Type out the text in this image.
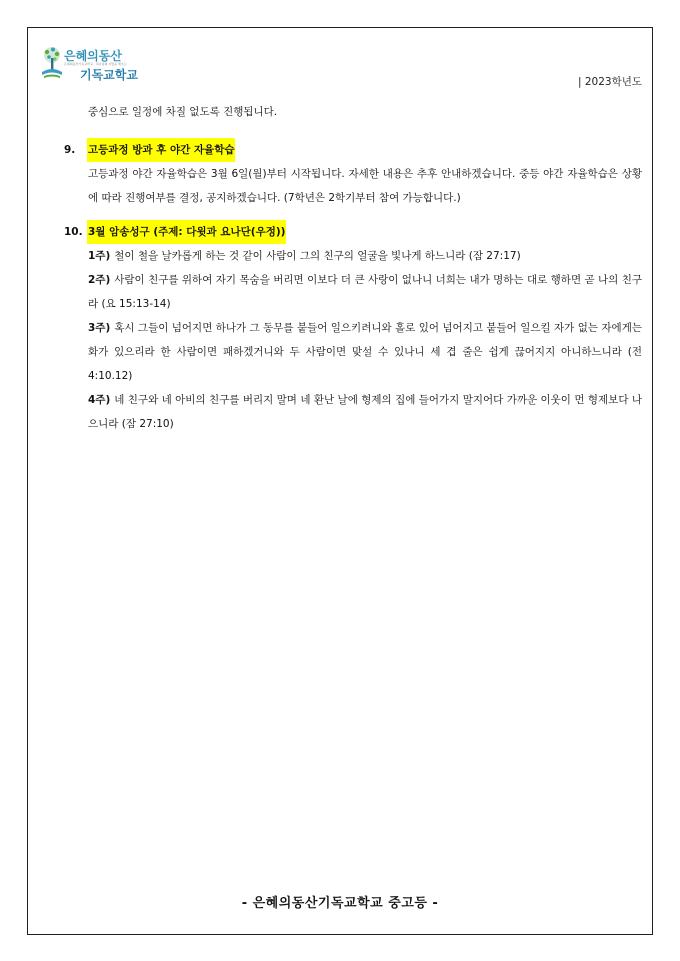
은혜의동산
은혜의동산기독교학교 · 하나님의 사람을 세우는
기독교학교	| 2023학년도
중심으로 일정에 차질 없도록 진행됩니다.
9.	고등과정 방과 후 야간 자율학습
고등과정 야간 자율학습은 3월 6일(월)부터 시작됩니다. 자세한 내용은 추후 안내하겠습니다. 중등 야간 자율학습은 상황에 따라 진행여부를 결정, 공지하겠습니다. (7학년은 2학기부터 참여 가능합니다.)
10. 3월 암송성구 (주제: 다윗과 요나단(우정))
1주) 철이 철을 날카롭게 하는 것 같이 사람이 그의 친구의 얼굴을 빛나게 하느니라 (잠 27:17)
2주) 사람이 친구를 위하여 자기 목숨을 버리면 이보다 더 큰 사랑이 없나니 너희는 내가 명하는 대로 행하면 곧 나의 친구라 (요 15:13-14)
3주) 혹시 그들이 넘어지면 하나가 그 동무를 붙들어 일으키려니와 홀로 있어 넘어지고 붙들어 일으킬 자가 없는 자에게는 화가 있으리라 한 사람이면 패하겠거니와 두 사람이면 맞설 수 있나니 세 겹 줄은 쉽게 끊어지지 아니하느니라 (전 4:10.12)
4주) 네 친구와 네 아비의 친구를 버리지 말며 네 환난 날에 형제의 집에 들어가지 말지어다 가까운 이웃이 먼 형제보다 나으니라 (잠 27:10)
- 은혜의동산기독교학교 중고등 -
